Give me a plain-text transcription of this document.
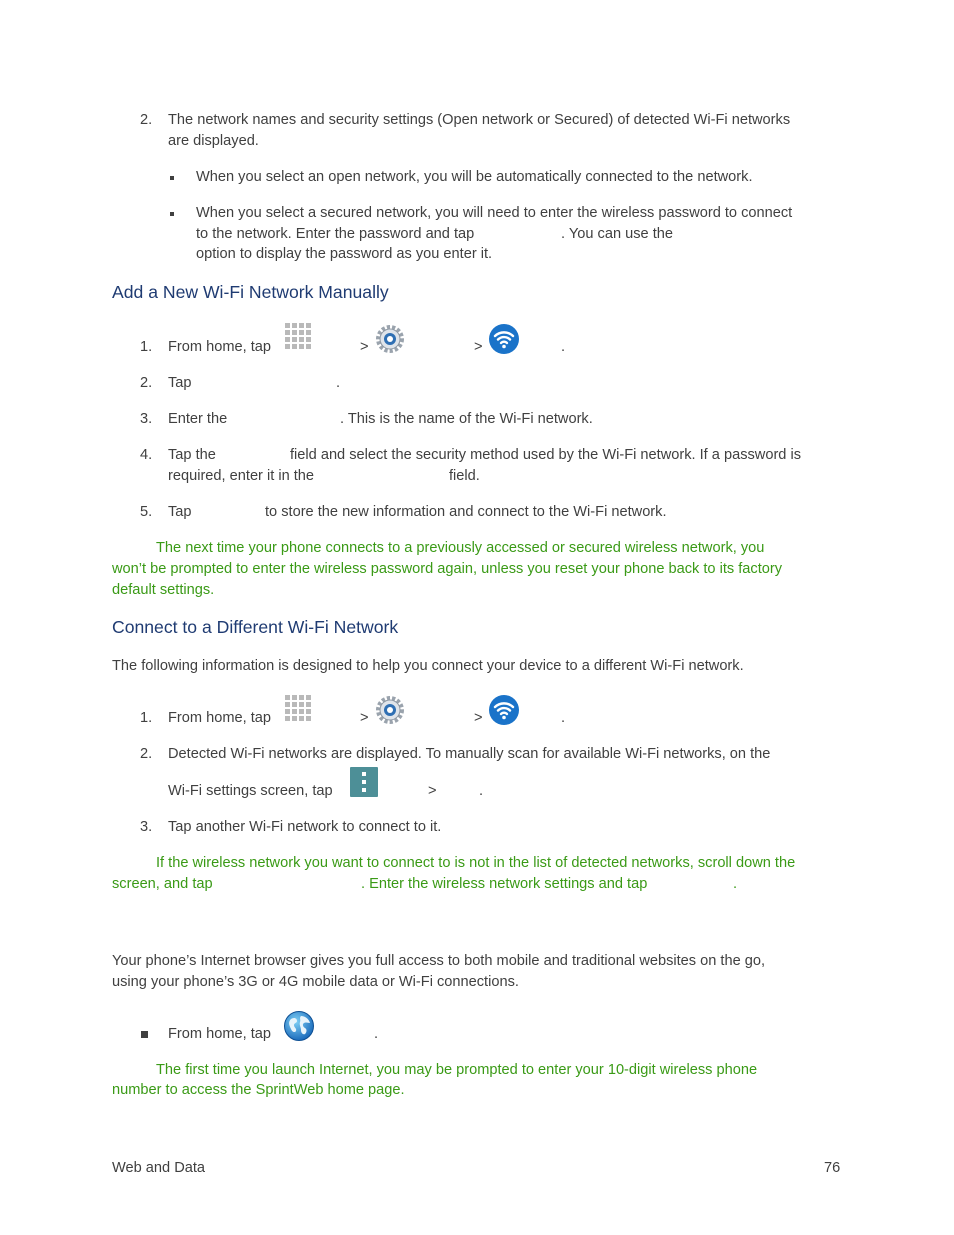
2. The network names and security settings (Open network or Secured) of detected Wi-Fi networks
are displayed.
When you select an open network, you will be automatically connected to the network.
When you select a secured network, you will need to enter the wireless password to connect
to the network. Enter the password and tap	. You can use the
option to display the password as you enter it.
Add a New Wi-Fi Network Manually
1. From home, tap	>	>	.
2. Tap	.
3. Enter the	. This is the name of the Wi-Fi network.
4. Tap the	field and select the security method used by the Wi-Fi network. If a password is
required, enter it in the	field.
5. Tap	to store the new information and connect to the Wi-Fi network.
The next time your phone connects to a previously accessed or secured wireless network, you
won’t be prompted to enter the wireless password again, unless you reset your phone back to its factory
default settings.
Connect to a Different Wi-Fi Network
The following information is designed to help you connect your device to a different Wi-Fi network.
1. From home, tap	>	>	.
2. Detected Wi-Fi networks are displayed. To manually scan for available Wi-Fi networks, on the
Wi-Fi settings screen, tap	>	.
3. Tap another Wi-Fi network to connect to it.
If the wireless network you want to connect to is not in the list of detected networks, scroll down the
screen, and tap	. Enter the wireless network settings and tap	.
Your phone’s Internet browser gives you full access to both mobile and traditional websites on the go,
using your phone’s 3G or 4G mobile data or Wi-Fi connections.
From home, tap	.
The first time you launch Internet, you may be prompted to enter your 10-digit wireless phone
number to access the SprintWeb home page.
Web and Data	76
